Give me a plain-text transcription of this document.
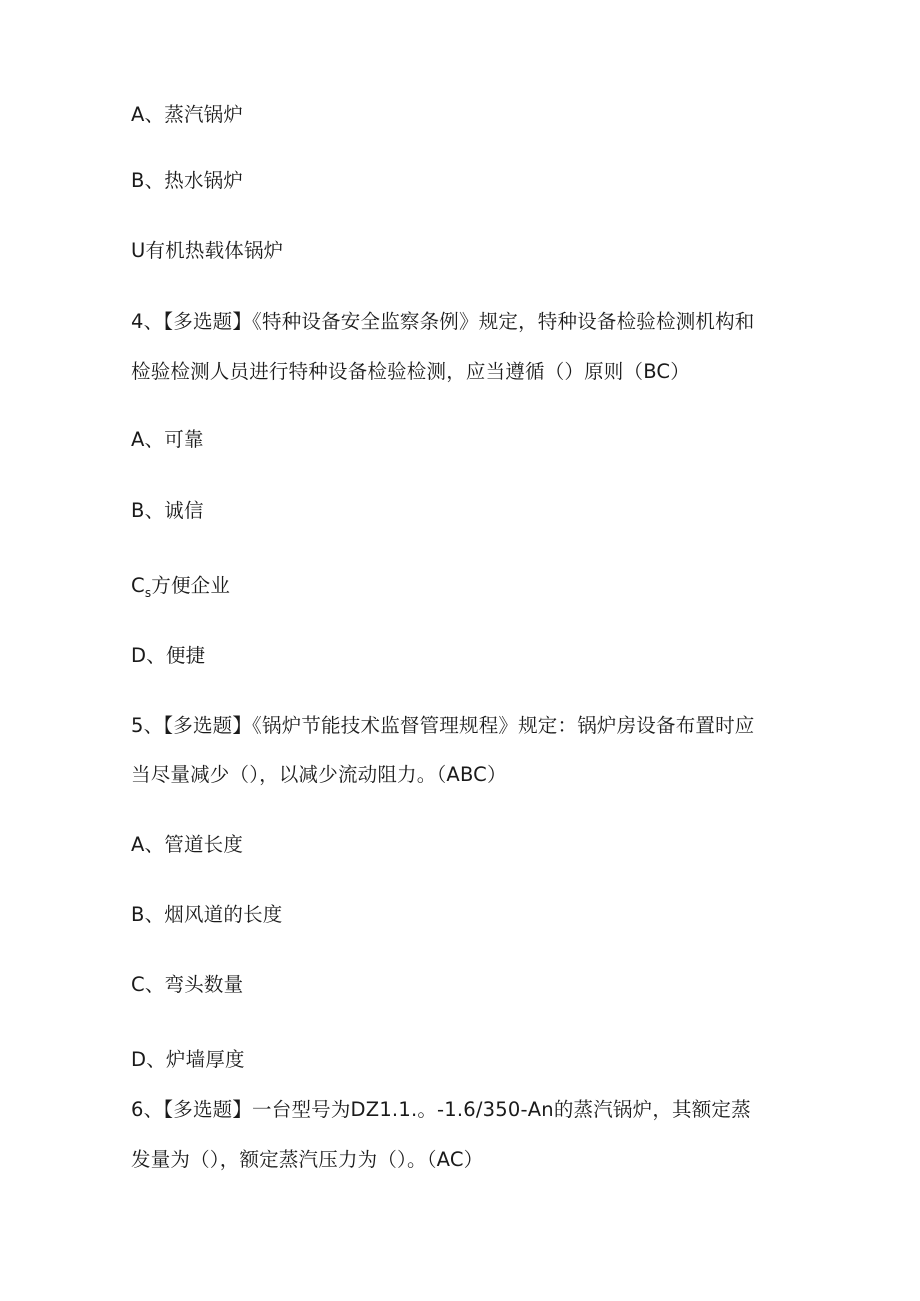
A、蒸汽锅炉
B、热水锅炉
U有机热载体锅炉
4、【多选题】《特种设备安全监察条例》规定，特种设备检验检测机构和
检验检测人员进行特种设备检验检测，应当遵循（）原则（BC）
A、可靠
B、诚信
$C_s$方便企业
D、便捷
5、【多选题】《锅炉节能技术监督管理规程》规定：锅炉房设备布置时应
当尽量减少（），以减少流动阻力。（ABC）
A、管道长度
B、烟风道的长度
C、弯头数量
D、炉墙厚度
6、【多选题】一台型号为DZ1.1.。-1.6/350-An的蒸汽锅炉，其额定蒸
发量为（），额定蒸汽压力为（）。（AC）
